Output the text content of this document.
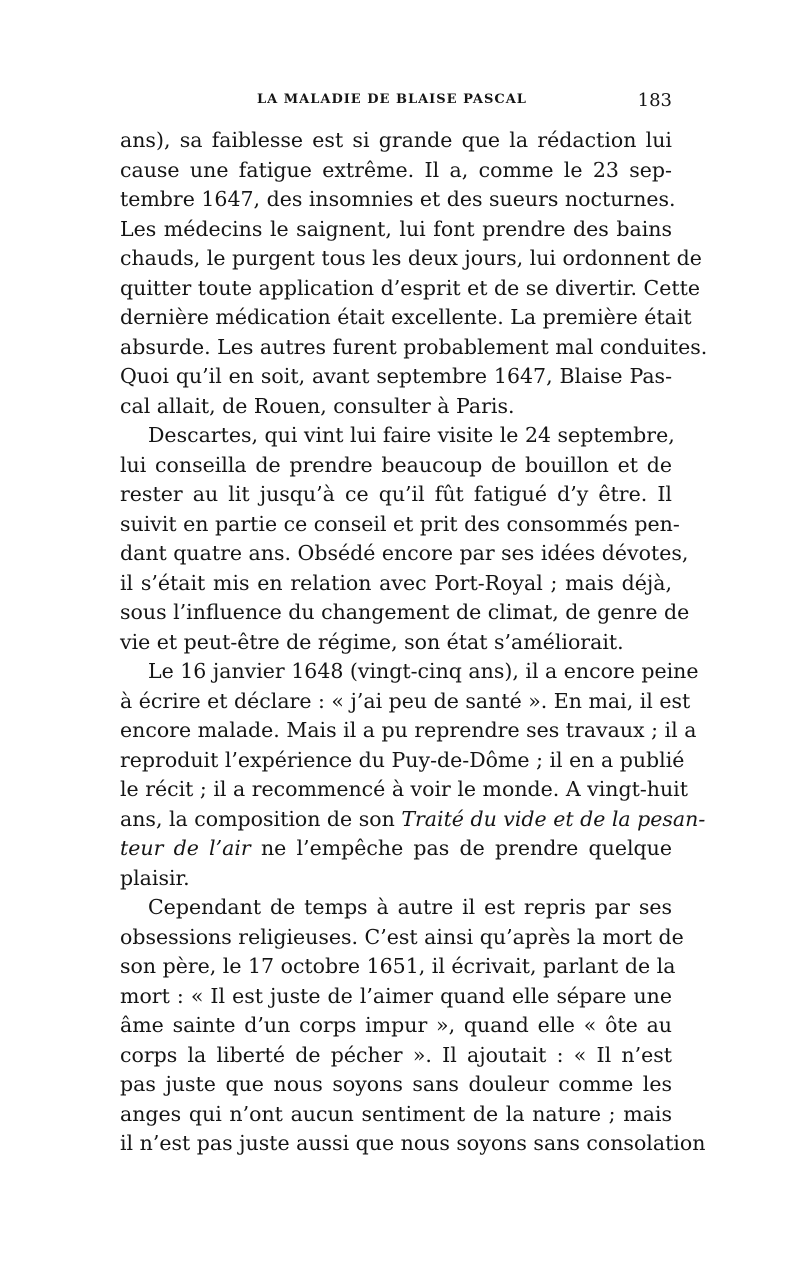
LA MALADIE DE BLAISE PASCAL	183
ans), sa faiblesse est si grande que la rédaction lui
cause une fatigue extrême. Il a, comme le 23 sep-
tembre 1647, des insomnies et des sueurs nocturnes.
Les médecins le saignent, lui font prendre des bains
chauds, le purgent tous les deux jours, lui ordonnent de
quitter toute application d’esprit et de se divertir. Cette
dernière médication était excellente. La première était
absurde. Les autres furent probablement mal conduites.
Quoi qu’il en soit, avant septembre 1647, Blaise Pas-
cal allait, de Rouen, consulter à Paris.
Descartes, qui vint lui faire visite le 24 septembre,
lui conseilla de prendre beaucoup de bouillon et de
rester au lit jusqu’à ce qu’il fût fatigué d’y être. Il
suivit en partie ce conseil et prit des consommés pen-
dant quatre ans. Obsédé encore par ses idées dévotes,
il s’était mis en relation avec Port-Royal ; mais déjà,
sous l’influence du changement de climat, de genre de
vie et peut-être de régime, son état s’améliorait.
Le 16 janvier 1648 (vingt-cinq ans), il a encore peine
à écrire et déclare : « j’ai peu de santé ». En mai, il est
encore malade. Mais il a pu reprendre ses travaux ; il a
reproduit l’expérience du Puy-de-Dôme ; il en a publié
le récit ; il a recommencé à voir le monde. A vingt-huit
ans, la composition de son Traité du vide et de la pesan-
teur de l’air ne l’empêche pas de prendre quelque
plaisir.
Cependant de temps à autre il est repris par ses
obsessions religieuses. C’est ainsi qu’après la mort de
son père, le 17 octobre 1651, il écrivait, parlant de la
mort : « Il est juste de l’aimer quand elle sépare une
âme sainte d’un corps impur », quand elle « ôte au
corps la liberté de pécher ». Il ajoutait : « Il n’est
pas juste que nous soyons sans douleur comme les
anges qui n’ont aucun sentiment de la nature ; mais
il n’est pas juste aussi que nous soyons sans consolation
